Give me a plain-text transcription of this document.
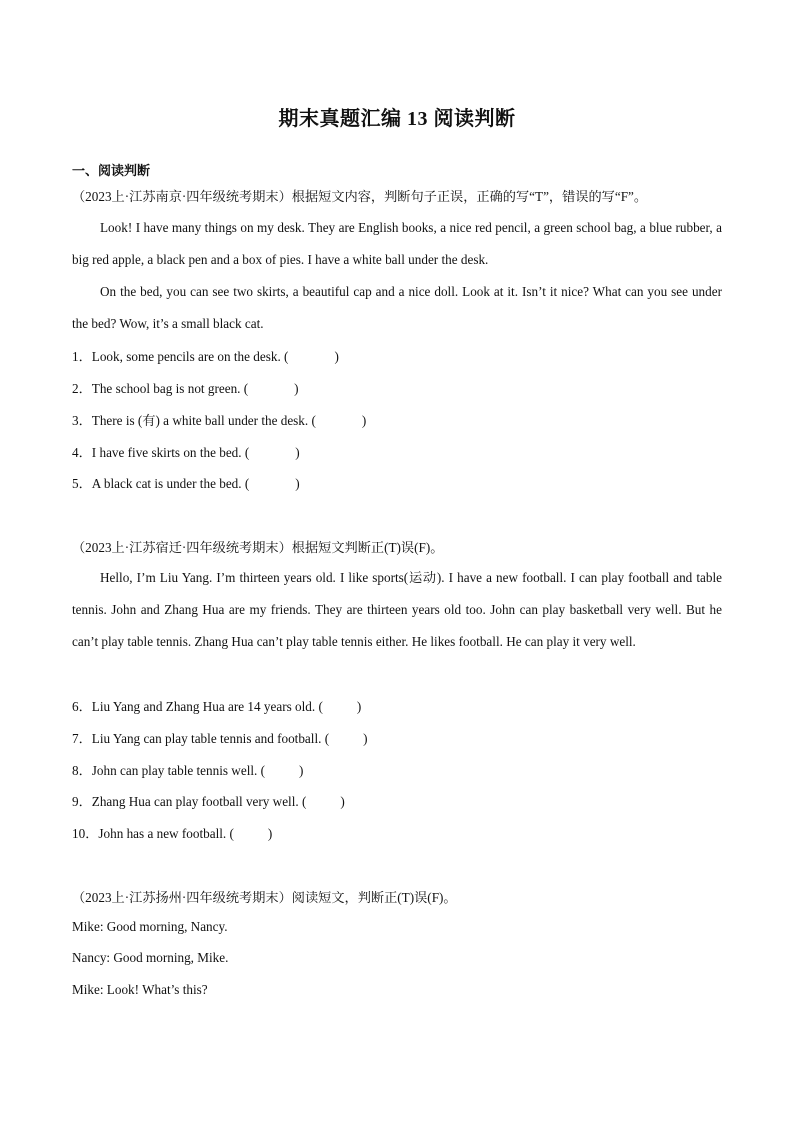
期末真题汇编 13 阅读判断
一、阅读判断
（2023上·江苏南京·四年级统考期末）根据短文内容，判断句子正误，正确的写“T”，错误的写“F”。
Look! I have many things on my desk. They are English books, a nice red pencil, a green school bag, a blue rubber, a big red apple, a black pen and a box of pies. I have a white ball under the desk.
On the bed, you can see two skirts, a beautiful cap and a nice doll. Look at it. Isn’t it nice? What can you see under the bed? Wow, it’s a small black cat.
1．Look, some pencils are on the desk. (	)
2．The school bag is not green. (	)
3．There is (有) a white ball under the desk. (	)
4．I have five skirts on the bed. (	)
5．A black cat is under the bed. (	)
（2023上·江苏宿迁·四年级统考期末）根据短文判断正(T)误(F)。
Hello, I’m Liu Yang. I’m thirteen years old. I like sports(运动). I have a new football. I can play football and table tennis. John and Zhang Hua are my friends. They are thirteen years old too. John can play basketball very well. But he can’t play table tennis. Zhang Hua can’t play table tennis either. He likes football. He can play it very well.
6．Liu Yang and Zhang Hua are 14 years old. (	)
7．Liu Yang can play table tennis and football. (	)
8．John can play table tennis well. (	)
9．Zhang Hua can play football very well. (	)
10．John has a new football. (	)
（2023上·江苏扬州·四年级统考期末）阅读短文，判断正(T)误(F)。
Mike: Good morning, Nancy.
Nancy: Good morning, Mike.
Mike: Look! What’s this?
